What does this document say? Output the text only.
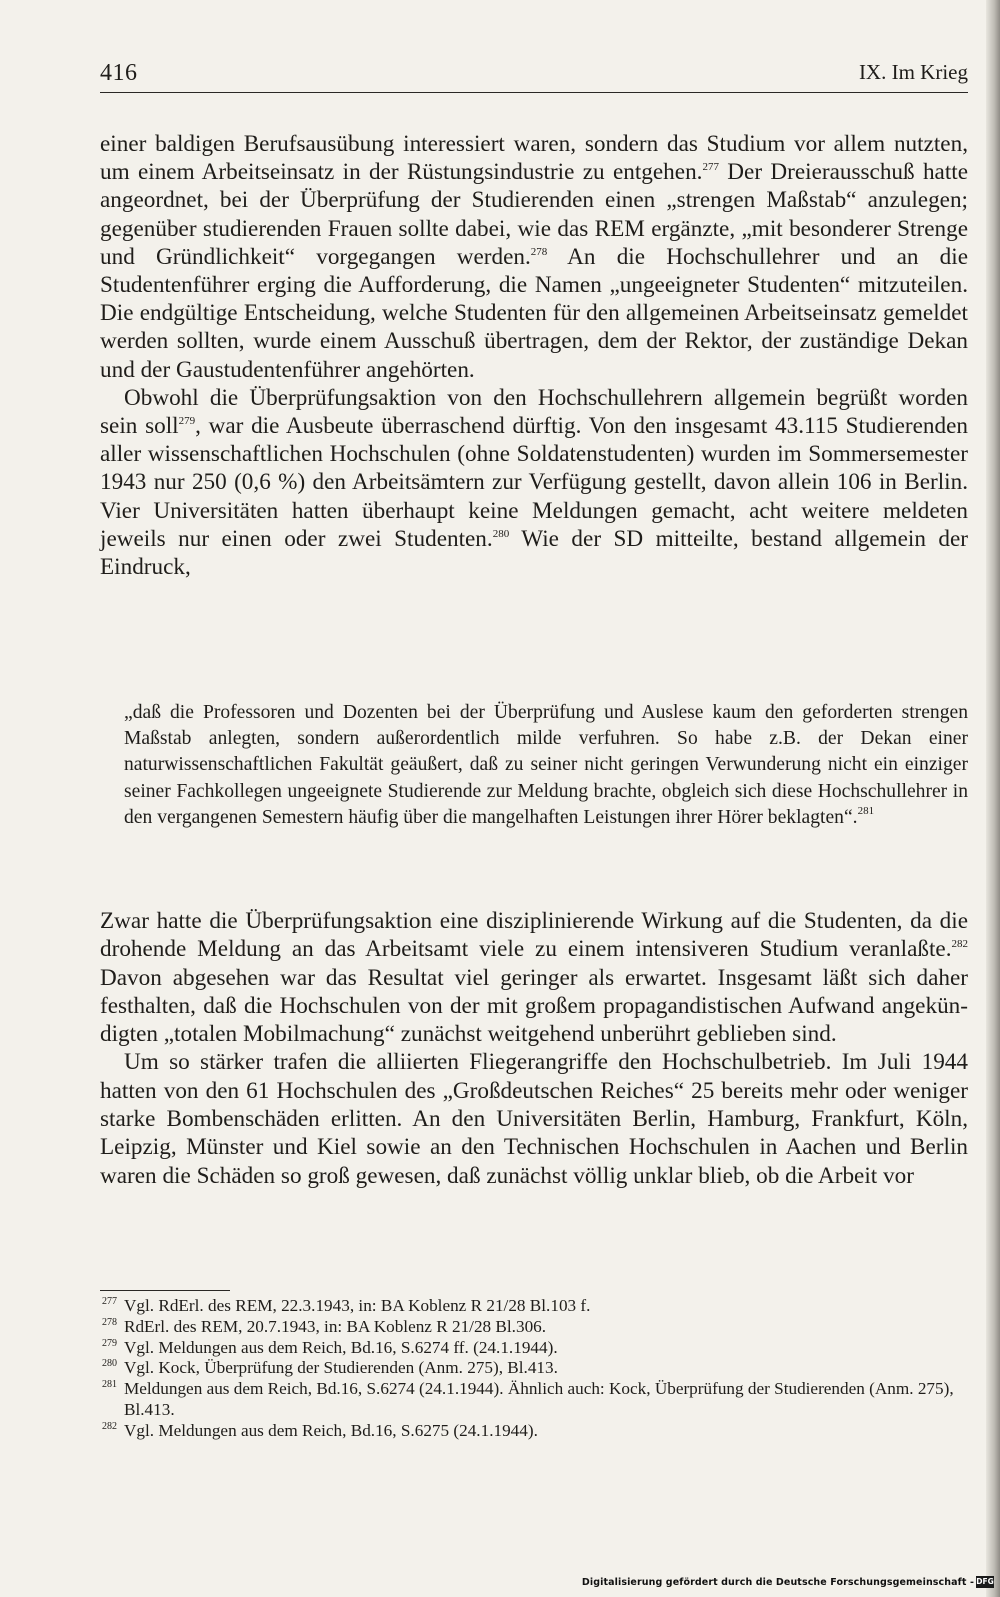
416	IX. Im Krieg

einer baldigen Berufsausübung interessiert waren, sondern das Studium vor allem nutzten, um einem Arbeitseinsatz in der Rüstungsindustrie zu entgehen.$^{277}$ Der Dreierausschuß hatte angeordnet, bei der Überprüfung der Studierenden einen „strengen Maßstab“ anzulegen; gegenüber studierenden Frauen sollte dabei, wie das REM ergänzte, „mit besonderer Strenge und Gründlichkeit“ vorgegangen werden.$^{278}$ An die Hochschullehrer und an die Studentenführer erging die Aufforderung, die Namen „ungeeigneter Studenten“ mitzuteilen. Die endgültige Entscheidung, welche Studenten für den allgemeinen Arbeitseinsatz gemeldet werden sollten, wurde einem Ausschuß übertragen, dem der Rektor, der zuständige Dekan und der Gaustudentenführer angehörten.

Obwohl die Überprüfungsaktion von den Hochschullehrern allgemein begrüßt worden sein soll$^{279}$, war die Ausbeute überraschend dürftig. Von den insgesamt 43.115 Studierenden aller wissenschaftlichen Hochschulen (ohne Soldatenstudenten) wurden im Sommersemester 1943 nur 250 (0,6 %) den Arbeitsämtern zur Verfügung gestellt, davon allein 106 in Berlin. Vier Universitäten hatten überhaupt keine Meldungen gemacht, acht weitere meldeten jeweils nur einen oder zwei Studenten.$^{280}$ Wie der SD mitteilte, bestand allgemein der Eindruck,

„daß die Professoren und Dozenten bei der Überprüfung und Auslese kaum den geforderten strengen Maßstab anlegten, sondern außerordentlich milde verfuhren. So habe z.B. der Dekan einer naturwissenschaftlichen Fakultät geäußert, daß zu seiner nicht geringen Verwunderung nicht ein einziger seiner Fachkollegen ungeeignete Studierende zur Meldung brachte, obgleich sich diese Hochschullehrer in den vergangenen Semestern häufig über die mangelhaften Leistungen ihrer Hörer beklagten“.$^{281}$

Zwar hatte die Überprüfungsaktion eine disziplinierende Wirkung auf die Studenten, da die drohende Meldung an das Arbeitsamt viele zu einem intensiveren Studium veranlaßte.$^{282}$ Davon abgesehen war das Resultat viel geringer als erwartet. Insgesamt läßt sich daher festhalten, daß die Hochschulen von der mit großem propagandistischen Aufwand angekündigten „totalen Mobilmachung“ zunächst weitgehend unberührt geblieben sind.

Um so stärker trafen die alliierten Fliegerangriffe den Hochschulbetrieb. Im Juli 1944 hatten von den 61 Hochschulen des „Großdeutschen Reiches“ 25 bereits mehr oder weniger starke Bombenschäden erlitten. An den Universitäten Berlin, Hamburg, Frankfurt, Köln, Leipzig, Münster und Kiel sowie an den Technischen Hochschulen in Aachen und Berlin waren die Schäden so groß gewesen, daß zunächst völlig unklar blieb, ob die Arbeit vor

277 Vgl. RdErl. des REM, 22.3.1943, in: BA Koblenz R 21/28 Bl.103 f.
278 RdErl. des REM, 20.7.1943, in: BA Koblenz R 21/28 Bl.306.
279 Vgl. Meldungen aus dem Reich, Bd.16, S.6274 ff. (24.1.1944).
280 Vgl. Kock, Überprüfung der Studierenden (Anm. 275), Bl.413.
281 Meldungen aus dem Reich, Bd.16, S.6274 (24.1.1944). Ähnlich auch: Kock, Überprüfung der Studierenden (Anm. 275), Bl.413.
282 Vgl. Meldungen aus dem Reich, Bd.16, S.6275 (24.1.1944).
Digitalisierung gefördert durch die Deutsche Forschungsgemeinschaft - DFG
